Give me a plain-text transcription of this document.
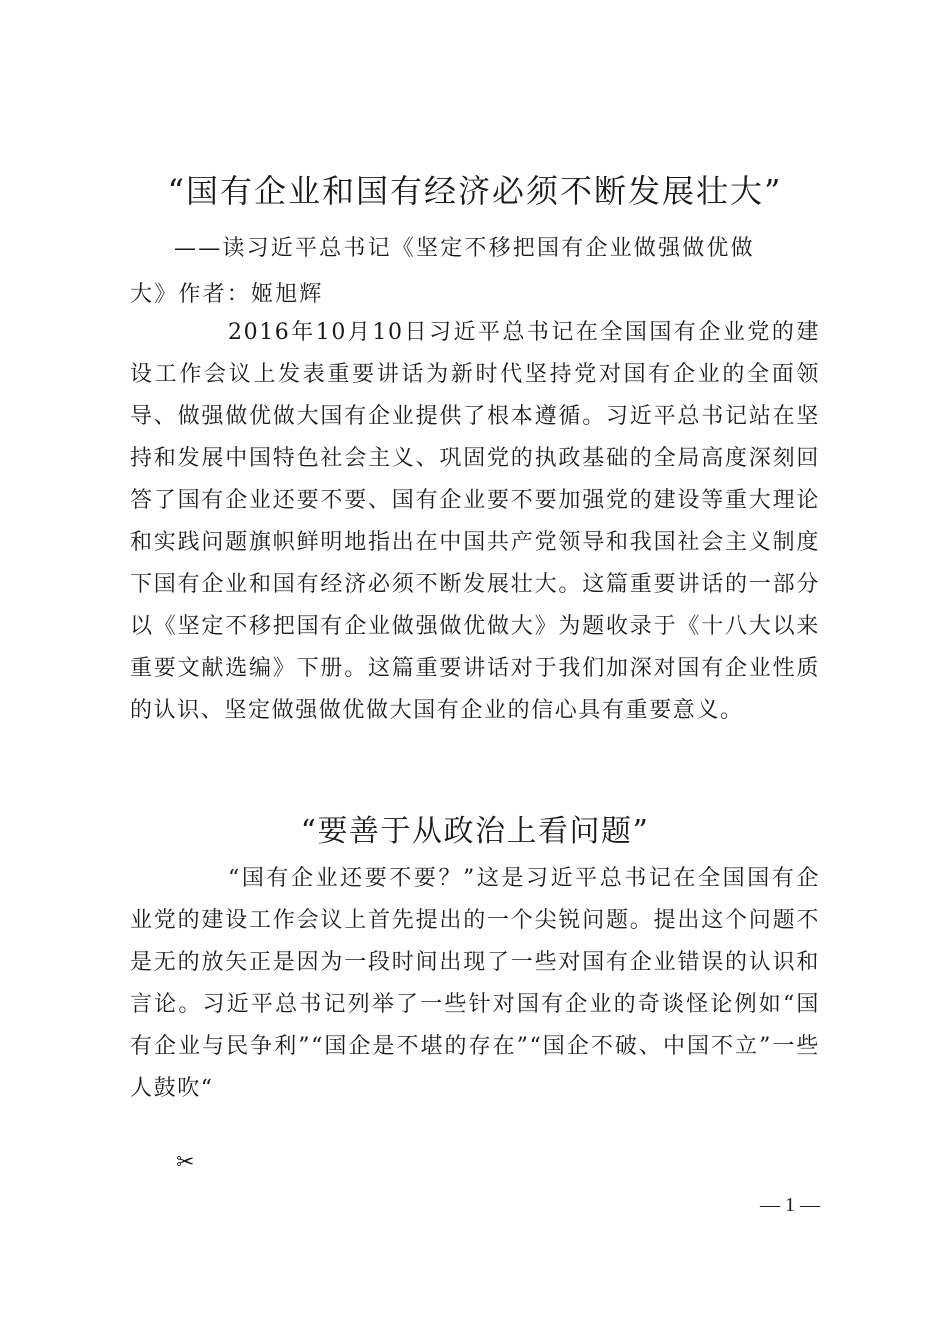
“国有企业和国有经济必须不断发展壮大”
——读习近平总书记《坚定不移把国有企业做强做优做
大》作者：姬旭辉
2016年10月10日习近平总书记在全国国有企业党的建设工作会议上发表重要讲话为新时代坚持党对国有企业的全面领导、做强做优做大国有企业提供了根本遵循。习近平总书记站在坚持和发展中国特色社会主义、巩固党的执政基础的全局高度深刻回答了国有企业还要不要、国有企业要不要加强党的建设等重大理论和实践问题旗帜鲜明地指出在中国共产党领导和我国社会主义制度下国有企业和国有经济必须不断发展壮大。这篇重要讲话的一部分以《坚定不移把国有企业做强做优做大》为题收录于《十八大以来重要文献选编》下册。这篇重要讲话对于我们加深对国有企业性质的认识、坚定做强做优做大国有企业的信心具有重要意义。
“要善于从政治上看问题”
“国有企业还要不要？”这是习近平总书记在全国国有企业党的建设工作会议上首先提出的一个尖锐问题。提出这个问题不是无的放矢正是因为一段时间出现了一些对国有企业错误的认识和言论。习近平总书记列举了一些针对国有企业的奇谈怪论例如“国有企业与民争利”“国企是不堪的存在”“国企不破、中国不立”一些人鼓吹“
✂
— 1 —
